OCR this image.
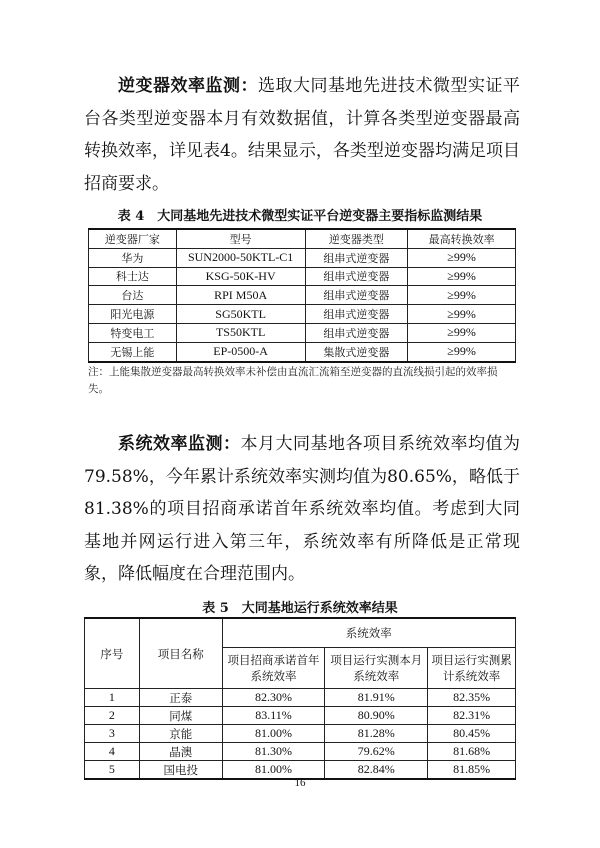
逆变器效率监测：选取大同基地先进技术微型实证平台各类型逆变器本月有效数据值，计算各类型逆变器最高转换效率，详见表4。结果显示，各类型逆变器均满足项目招商要求。

表 4　大同基地先进技术微型实证平台逆变器主要指标监测结果

逆变器厂家	型号	逆变器类型	最高转换效率
华为	SUN2000-50KTL-C1	组串式逆变器	≥99%
科士达	KSG-50K-HV	组串式逆变器	≥99%
台达	RPI M50A	组串式逆变器	≥99%
阳光电源	SG50KTL	组串式逆变器	≥99%
特变电工	TS50KTL	组串式逆变器	≥99%
无锡上能	EP-0500-A	集散式逆变器	≥99%

注：上能集散逆变器最高转换效率未补偿由直流汇流箱至逆变器的直流线损引起的效率损失。

系统效率监测：本月大同基地各项目系统效率均值为79.58%，今年累计系统效率实测均值为80.65%，略低于81.38%的项目招商承诺首年系统效率均值。考虑到大同基地并网运行进入第三年，系统效率有所降低是正常现象，降低幅度在合理范围内。

表 5　大同基地运行系统效率结果

序号	项目名称	系统效率		
		项目招商承诺首年系统效率	项目运行实测本月系统效率	项目运行实测累计系统效率
1	正泰	82.30%	81.91%	82.35%
2	同煤	83.11%	80.90%	82.31%
3	京能	81.00%	81.28%	80.45%
4	晶澳	81.30%	79.62%	81.68%
5	国电投	81.00%	82.84%	81.85%

16
